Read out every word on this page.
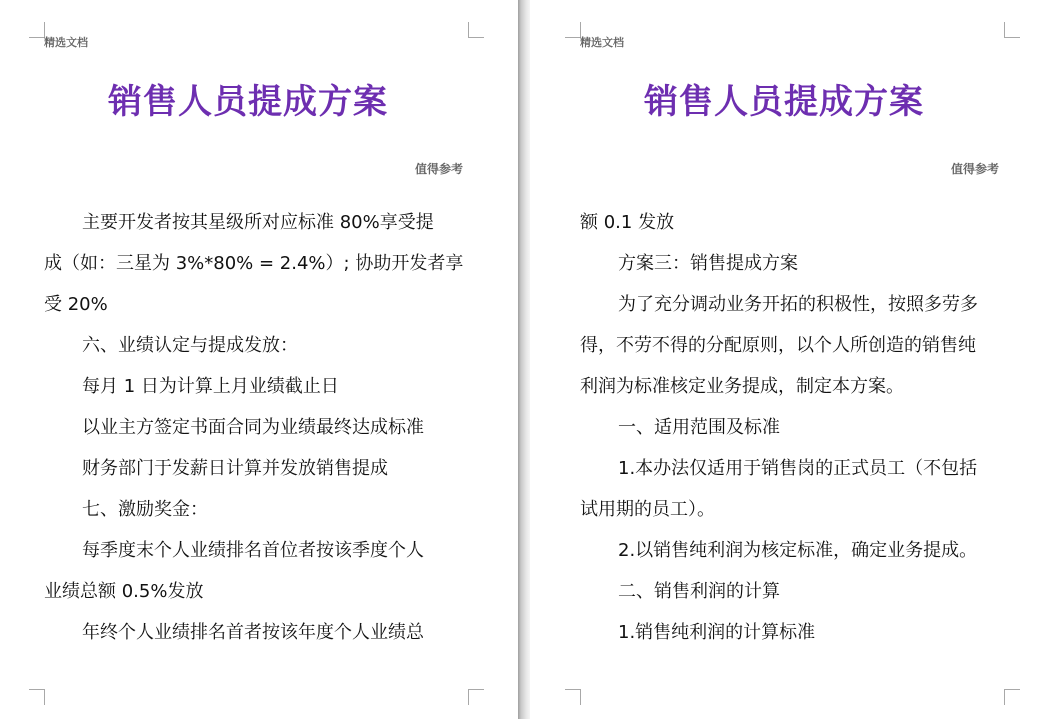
精选文档
销售人员提成方案
值得参考

主要开发者按其星级所对应标准 80%享受提

成（如：三星为 3%*80% = 2.4%）; 协助开发者享

受 20%

六、业绩认定与提成发放：

每月 1 日为计算上月业绩截止日

以业主方签定书面合同为业绩最终达成标准

财务部门于发薪日计算并发放销售提成

七、激励奖金：

每季度末个人业绩排名首位者按该季度个人

业绩总额 0.5%发放

年终个人业绩排名首者按该年度个人业绩总

精选文档
销售人员提成方案
值得参考

额 0.1 发放

方案三：销售提成方案

为了充分调动业务开拓的积极性，按照多劳多

得，不劳不得的分配原则，以个人所创造的销售纯

利润为标准核定业务提成，制定本方案。

一、适用范围及标准

1.本办法仅适用于销售岗的正式员工（不包括

试用期的员工）。

2.以销售纯利润为核定标准，确定业务提成。

二、销售利润的计算

1.销售纯利润的计算标准
